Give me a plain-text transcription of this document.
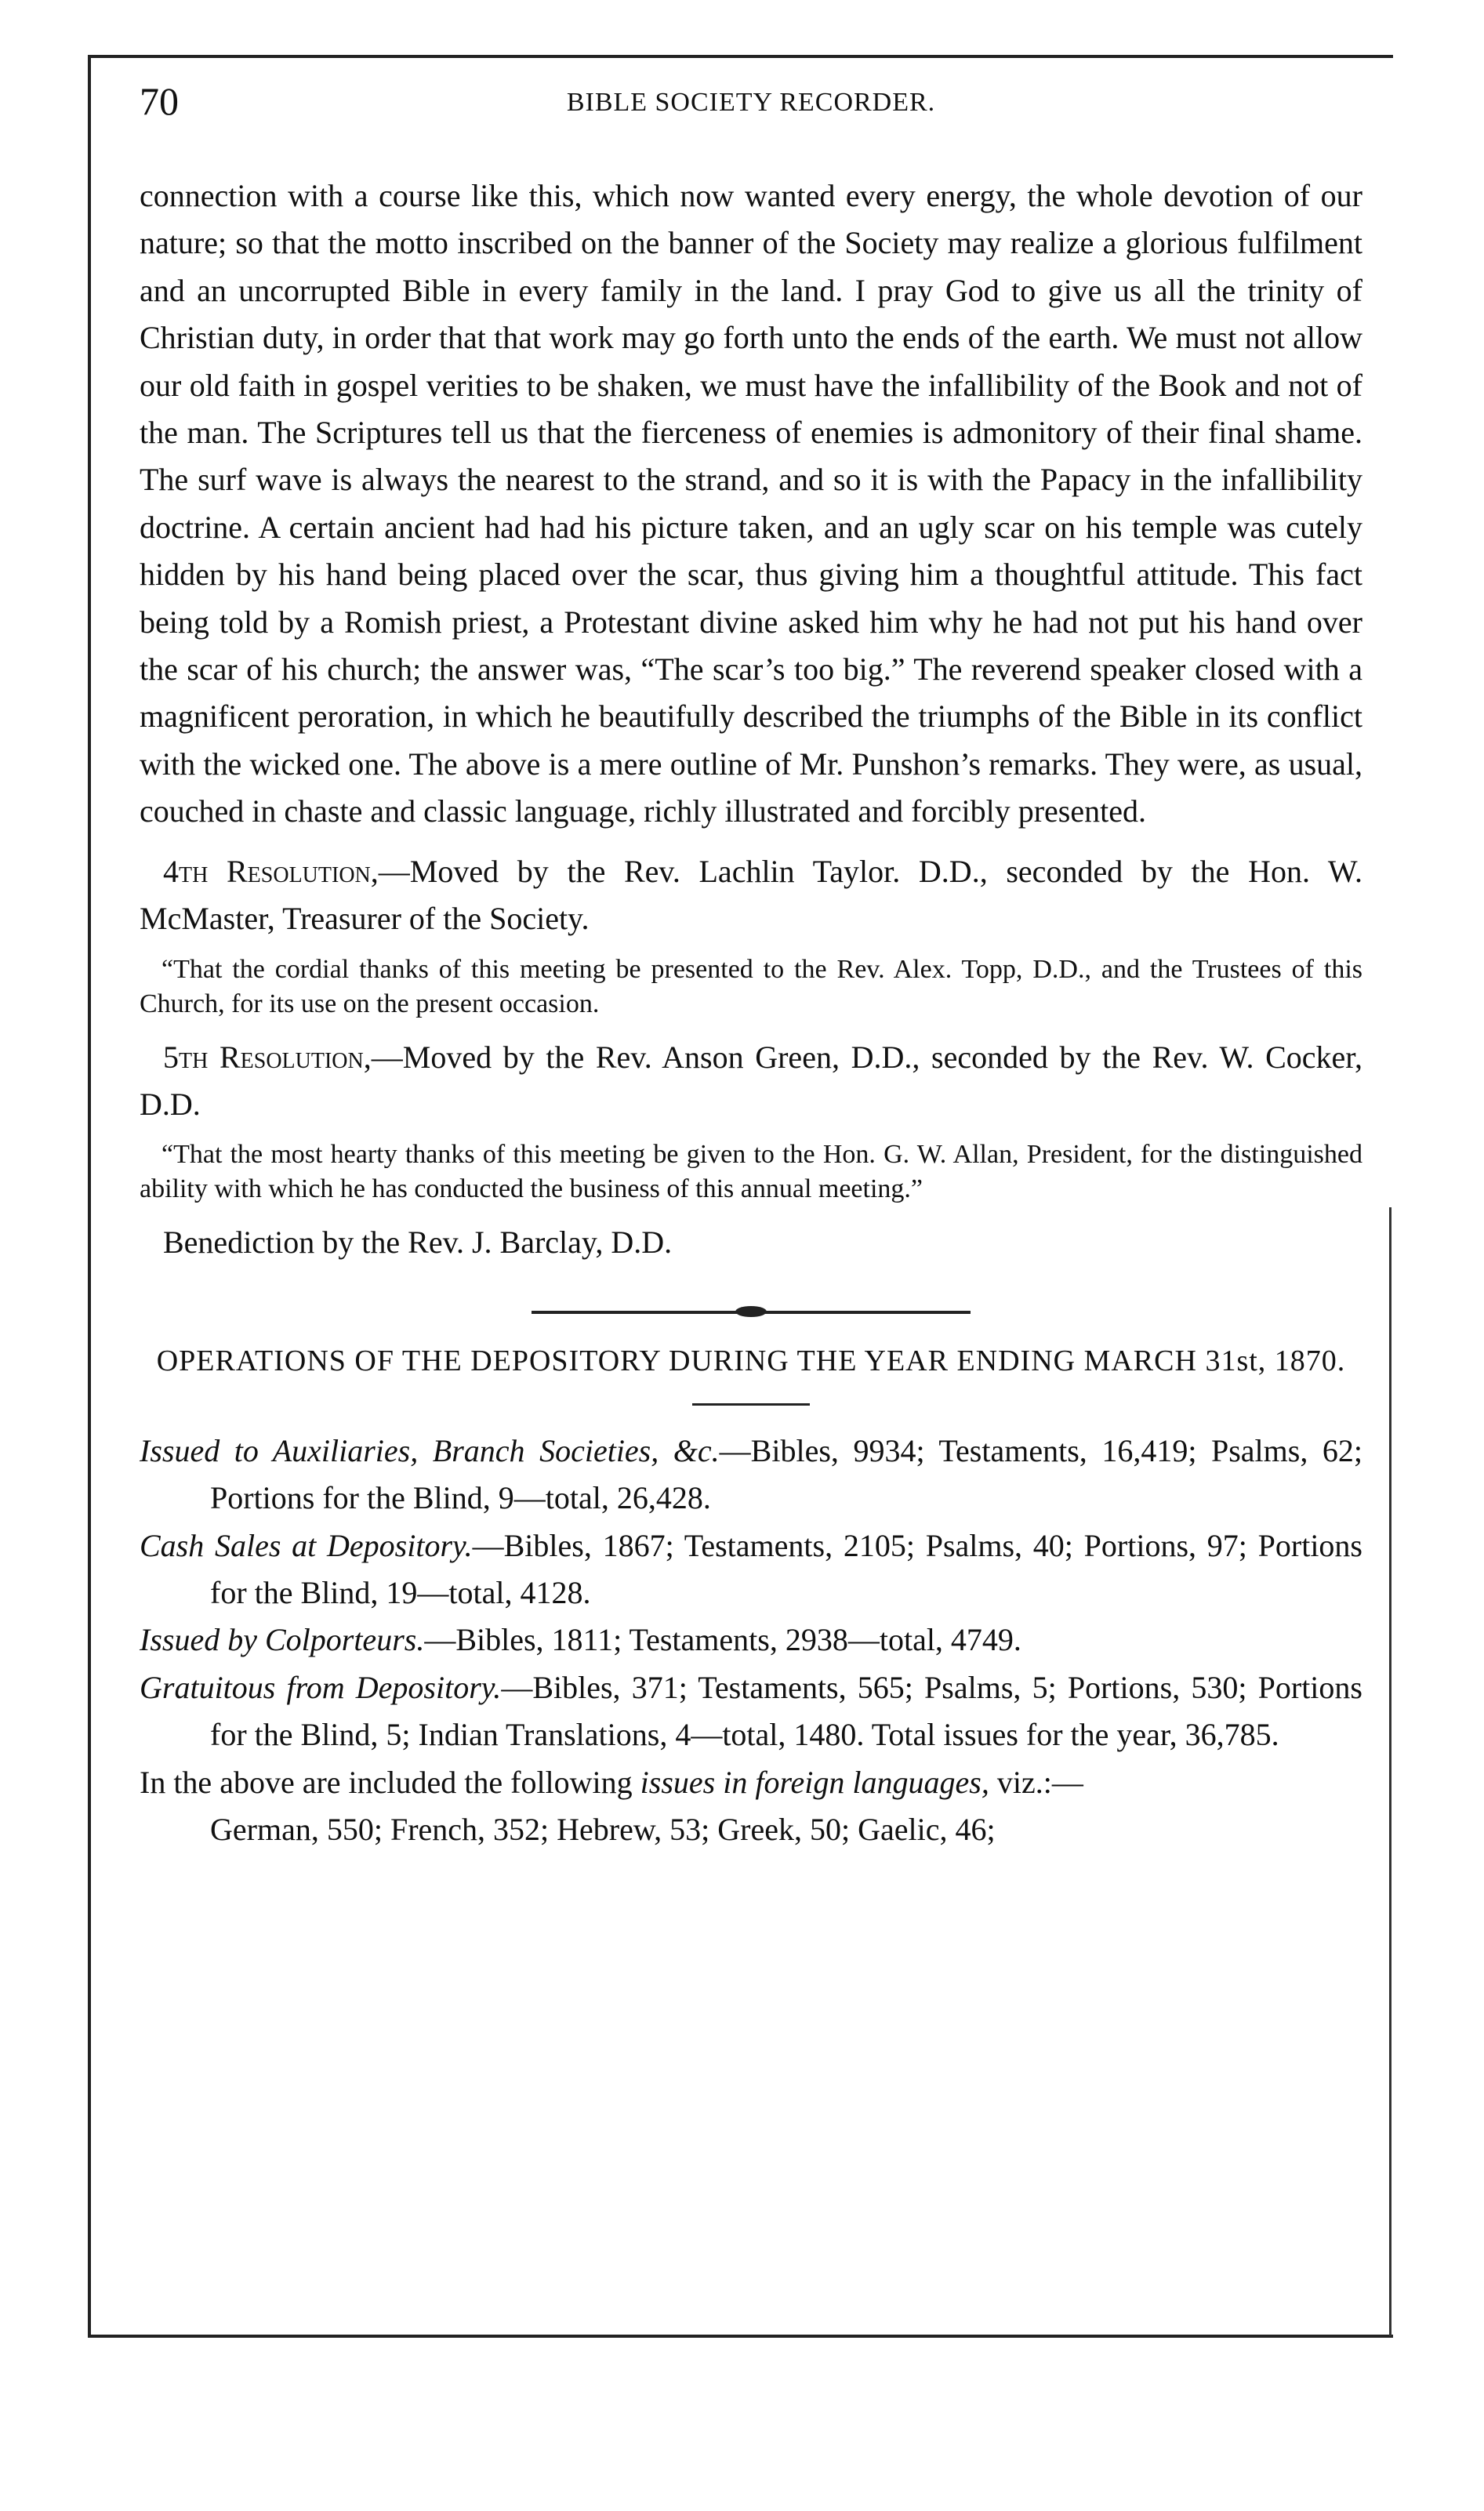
70	BIBLE SOCIETY RECORDER.

connection with a course like this, which now wanted every energy, the whole devotion of our nature; so that the motto inscribed on the banner of the Society may realize a glorious fulfilment and an uncorrupted Bible in every family in the land. I pray God to give us all the trinity of Christian duty, in order that that work may go forth unto the ends of the earth. We must not allow our old faith in gospel verities to be shaken, we must have the infallibility of the Book and not of the man. The Scriptures tell us that the fierceness of enemies is admonitory of their final shame. The surf wave is always the nearest to the strand, and so it is with the Papacy in the infallibility doctrine. A certain ancient had had his picture taken, and an ugly scar on his temple was cutely hidden by his hand being placed over the scar, thus giving him a thoughtful attitude. This fact being told by a Romish priest, a Protestant divine asked him why he had not put his hand over the scar of his church; the answer was, “The scar’s too big.” The reverend speaker closed with a magnificent peroration, in which he beautifully described the triumphs of the Bible in its conflict with the wicked one. The above is a mere outline of Mr. Punshon’s remarks. They were, as usual, couched in chaste and classic language, richly illustrated and forcibly presented.

4th Resolution,—Moved by the Rev. Lachlin Taylor. D.D., seconded by the Hon. W. McMaster, Treasurer of the Society.

“That the cordial thanks of this meeting be presented to the Rev. Alex. Topp, D.D., and the Trustees of this Church, for its use on the present occasion.

5th Resolution,—Moved by the Rev. Anson Green, D.D., seconded by the Rev. W. Cocker, D.D.

“That the most hearty thanks of this meeting be given to the Hon. G. W. Allan, President, for the distinguished ability with which he has conducted the business of this annual meeting.”

Benediction by the Rev. J. Barclay, D.D.

OPERATIONS OF THE DEPOSITORY DURING THE YEAR ENDING MARCH 31st, 1870.

Issued to Auxiliaries, Branch Societies, &c.—Bibles, 9934; Testaments, 16,419; Psalms, 62; Portions for the Blind, 9—total, 26,428.

Cash Sales at Depository.—Bibles, 1867; Testaments, 2105; Psalms, 40; Portions, 97; Portions for the Blind, 19—total, 4128.

Issued by Colporteurs.—Bibles, 1811; Testaments, 2938—total, 4749.

Gratuitous from Depository.—Bibles, 371; Testaments, 565; Psalms, 5; Portions, 530; Portions for the Blind, 5; Indian Translations, 4—total, 1480. Total issues for the year, 36,785.

In the above are included the following issues in foreign languages, viz.:—

German, 550; French, 352; Hebrew, 53; Greek, 50; Gaelic, 46;
